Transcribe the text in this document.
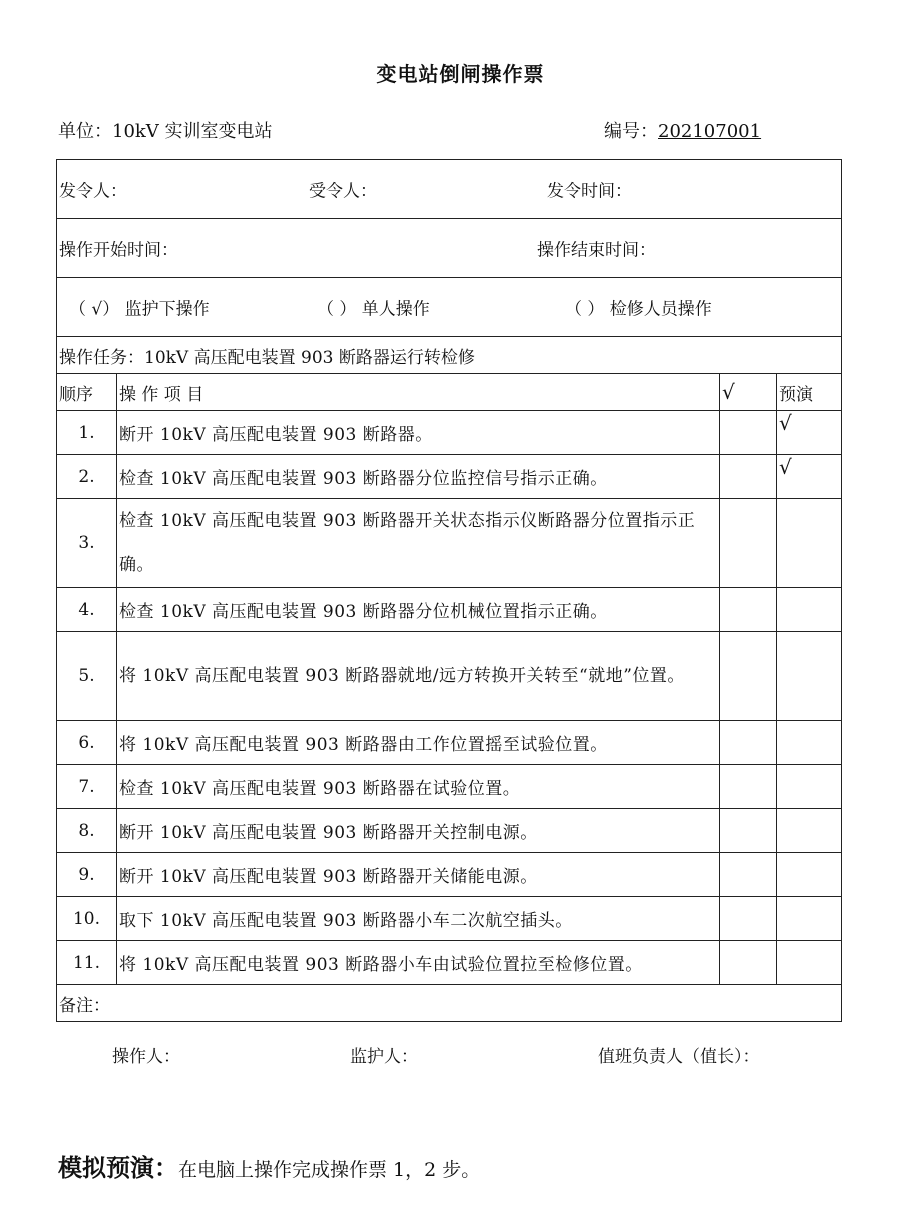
变电站倒闸操作票
单位：10kV 实训室变电站	编号：202107001
发令人： 受令人： 发令时间：			

操作开始时间： 操作结束时间：			

（ √） 监护下操作 （ ） 单人操作 （ ） 检修人员操作			

操作任务：10kV 高压配电装置 903 断路器运行转检修			
顺序	操 作 项 目	√	预演
1.	断开 10kV 高压配电装置 903 断路器。		√
2.	检查 10kV 高压配电装置 903 断路器分位监控信号指示正确。		√
3.	检查 10kV 高压配电装置 903 断路器开关状态指示仪断路器分位置指示正确。		
4.	检查 10kV 高压配电装置 903 断路器分位机械位置指示正确。		
5.	将 10kV 高压配电装置 903 断路器就地/远方转换开关转至“就地”位置。		
6.	将 10kV 高压配电装置 903 断路器由工作位置摇至试验位置。		
7.	检查 10kV 高压配电装置 903 断路器在试验位置。		
8.	断开 10kV 高压配电装置 903 断路器开关控制电源。		
9.	断开 10kV 高压配电装置 903 断路器开关储能电源。		
10.	取下 10kV 高压配电装置 903 断路器小车二次航空插头。		
11.	将 10kV 高压配电装置 903 断路器小车由试验位置拉至检修位置。		
备注：			
操作人：	监护人：	值班负责人（值长）：
模拟预演：在电脑上操作完成操作票 1，2 步。
